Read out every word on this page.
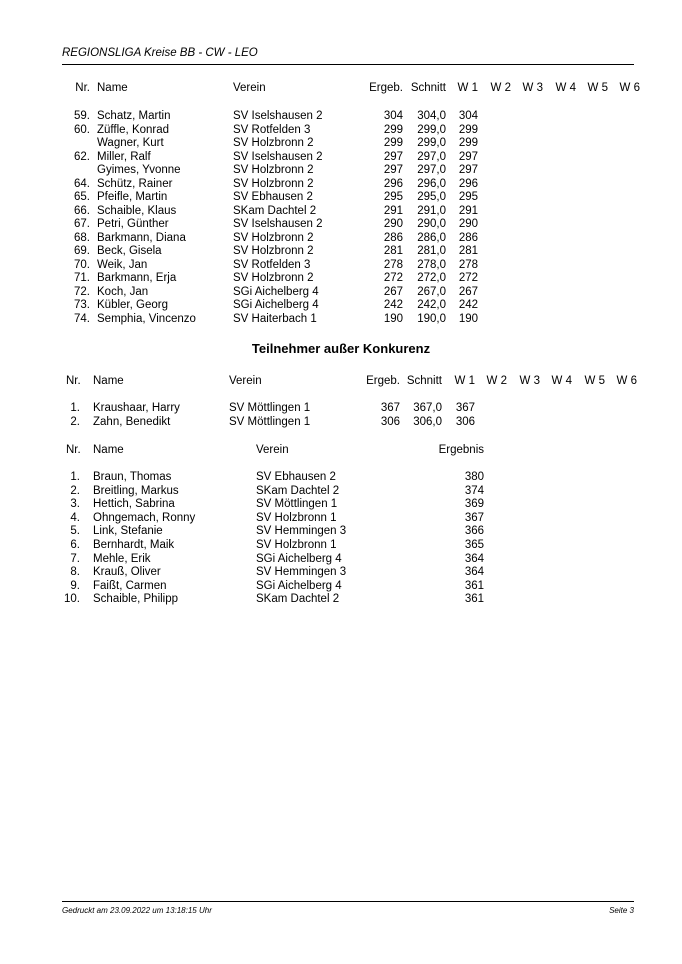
REGIONSLIGA Kreise BB - CW - LEO
Nr. Name	Verein	Ergeb. Schnitt	W 1	W 2	W 3	W 4	W 5	W 6
59. Schatz, Martin	SV Iselshausen 2	304	304,0	304
60. Züffle, Konrad	SV Rotfelden 3	299	299,0	299
Wagner, Kurt	SV Holzbronn 2	299	299,0	299
62. Miller, Ralf	SV Iselshausen 2	297	297,0	297
Gyimes, Yvonne	SV Holzbronn 2	297	297,0	297
64. Schütz, Rainer	SV Holzbronn 2	296	296,0	296
65. Pfeifle, Martin	SV Ebhausen 2	295	295,0	295
66. Schaible, Klaus	SKam Dachtel 2	291	291,0	291
67. Petri, Günther	SV Iselshausen 2	290	290,0	290
68. Barkmann, Diana	SV Holzbronn 2	286	286,0	286
69. Beck, Gisela	SV Holzbronn 2	281	281,0	281
70. Weik, Jan	SV Rotfelden 3	278	278,0	278
71. Barkmann, Erja	SV Holzbronn 2	272	272,0	272
72. Koch, Jan	SGi Aichelberg 4	267	267,0	267
73. Kübler, Georg	SGi Aichelberg 4	242	242,0	242
74. Semphia, Vincenzo	SV Haiterbach 1	190	190,0	190
Teilnehmer außer Konkurenz
Nr. Name	Verein	Ergeb. Schnitt	W 1	W 2	W 3	W 4	W 5	W 6
1. Kraushaar, Harry	SV Möttlingen 1	367	367,0	367
2. Zahn, Benedikt	SV Möttlingen 1	306	306,0	306
Nr. Name	Verein	Ergebnis
1. Braun, Thomas	SV Ebhausen 2	380
2. Breitling, Markus	SKam Dachtel 2	374
3. Hettich, Sabrina	SV Möttlingen 1	369
4. Ohngemach, Ronny	SV Holzbronn 1	367
5. Link, Stefanie	SV Hemmingen 3	366
6. Bernhardt, Maik	SV Holzbronn 1	365
7. Mehle, Erik	SGi Aichelberg 4	364
8. Krauß, Oliver	SV Hemmingen 3	364
9. Faißt, Carmen	SGi Aichelberg 4	361
10. Schaible, Philipp	SKam Dachtel 2	361
Gedruckt am 23.09.2022 um 13:18:15 Uhr	Seite 3
